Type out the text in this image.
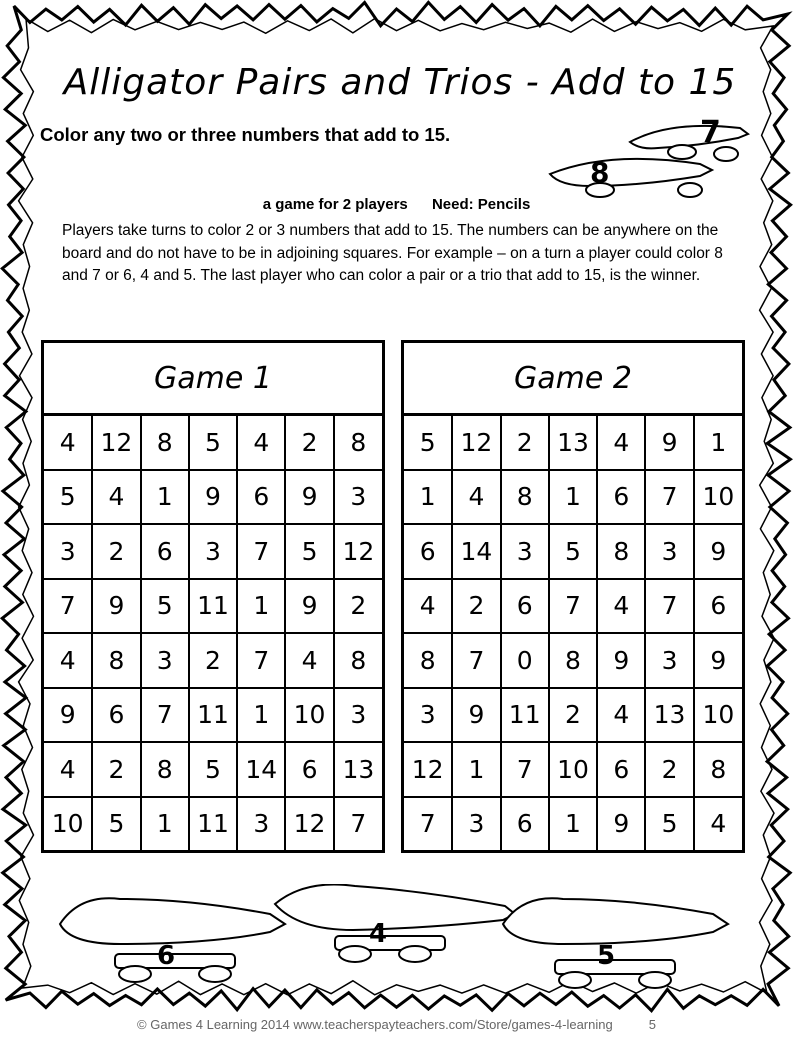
Alligator Pairs and Trios - Add to 15
Color any two or three numbers that add to 15.
a game for 2 players Need: Pencils
Players take turns to color 2 or 3 numbers that add to 15. The numbers can be anywhere on the board and do not have to be in adjoining squares. For example – on a turn a player could color 8 and 7 or 6, 4 and 5. The last player who can color a pair or a trio that add to 15, is the winner.
Game 1
4	12	8	5	4	2	8
5	4	1	9	6	9	3
3	2	6	3	7	5	12
7	9	5	11	1	9	2
4	8	3	2	7	4	8
9	6	7	11	1	10	3
4	2	8	5	14	6	13
10	5	1	11	3	12	7
Game 2
5	12	2	13	4	9	1
1	4	8	1	6	7	10
6	14	3	5	8	3	9
4	2	6	7	4	7	6
8	7	0	8	9	3	9
3	9	11	2	4	13	10
12	1	7	10	6	2	8
7	3	6	1	9	5	4
7
8
6
4
5
© Games 4 Learning 2014 www.teacherspayteachers.com/Store/games-4-learning	5
